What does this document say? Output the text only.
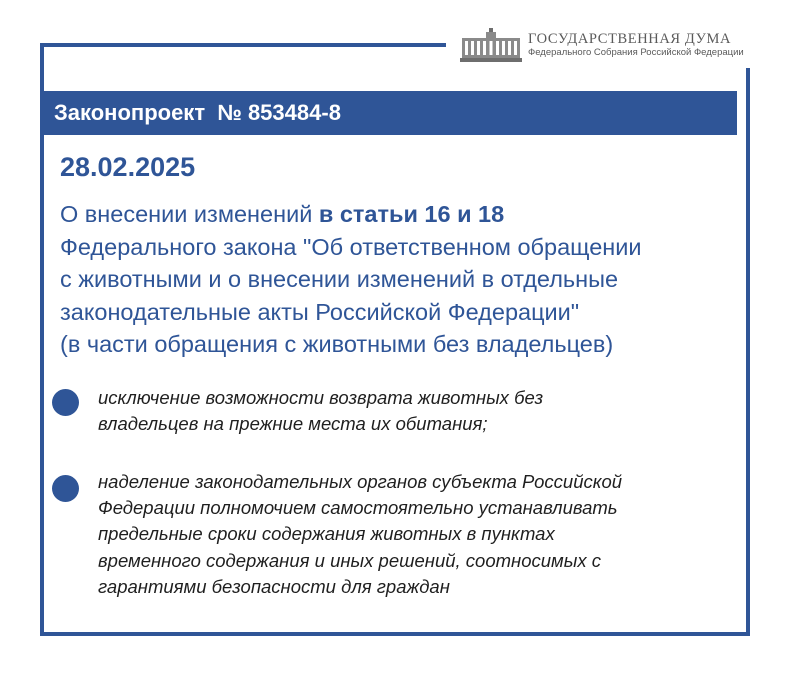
ГОСУДАРСТВЕННАЯ ДУМА
Федерального Собрания Российской Федерации
Законопроект  № 853484-8
28.02.2025
О внесении изменений в статьи 16 и 18
Федерального закона "Об ответственном обращении
с животными и о внесении изменений в отдельные
законодательные акты Российской Федерации"
(в части обращения с животными без владельцев)
исключение возможности возврата животных без
владельцев на прежние места их обитания;
наделение законодательных органов субъекта Российской
Федерации полномочием самостоятельно устанавливать
предельные сроки содержания животных в пунктах
временного содержания и иных решений, соотносимых с
гарантиями безопасности для граждан
